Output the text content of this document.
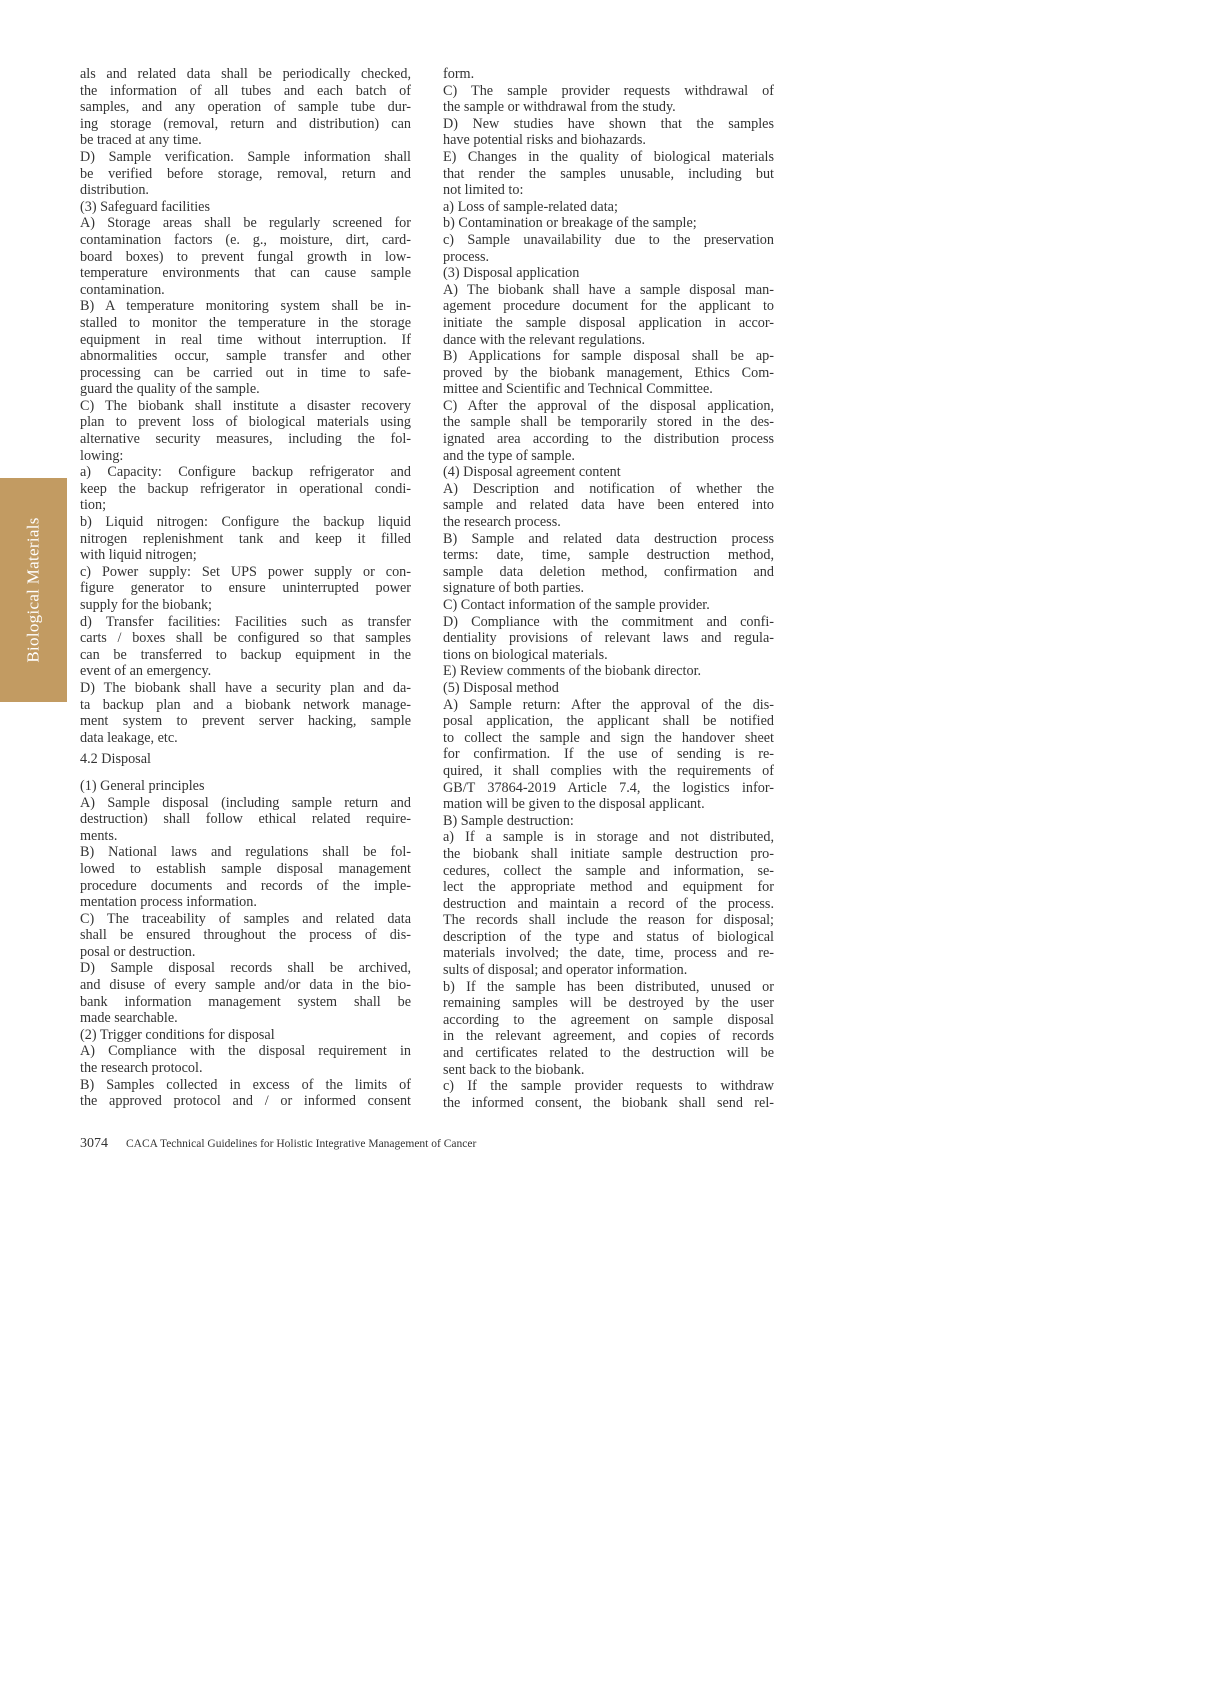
Biological Materials
als and related data shall be periodically checked,
the information of all tubes and each batch of
samples, and any operation of sample tube dur-
ing storage (removal, return and distribution) can
be traced at any time.
D) Sample verification. Sample information shall
be verified before storage, removal, return and
distribution.
(3) Safeguard facilities
A) Storage areas shall be regularly screened for
contamination factors (e. g., moisture, dirt, card-
board boxes) to prevent fungal growth in low-
temperature environments that can cause sample
contamination.
B) A temperature monitoring system shall be in-
stalled to monitor the temperature in the storage
equipment in real time without interruption. If
abnormalities occur, sample transfer and other
processing can be carried out in time to safe-
guard the quality of the sample.
C) The biobank shall institute a disaster recovery
plan to prevent loss of biological materials using
alternative security measures, including the fol-
lowing:
a) Capacity: Configure backup refrigerator and
keep the backup refrigerator in operational condi-
tion;
b) Liquid nitrogen: Configure the backup liquid
nitrogen replenishment tank and keep it filled
with liquid nitrogen;
c) Power supply: Set UPS power supply or con-
figure generator to ensure uninterrupted power
supply for the biobank;
d) Transfer facilities: Facilities such as transfer
carts / boxes shall be configured so that samples
can be transferred to backup equipment in the
event of an emergency.
D) The biobank shall have a security plan and da-
ta backup plan and a biobank network manage-
ment system to prevent server hacking, sample
data leakage, etc.
4.2 Disposal
(1) General principles
A) Sample disposal (including sample return and
destruction) shall follow ethical related require-
ments.
B) National laws and regulations shall be fol-
lowed to establish sample disposal management
procedure documents and records of the imple-
mentation process information.
C) The traceability of samples and related data
shall be ensured throughout the process of dis-
posal or destruction.
D) Sample disposal records shall be archived,
and disuse of every sample and/or data in the bio-
bank information management system shall be
made searchable.
(2) Trigger conditions for disposal
A) Compliance with the disposal requirement in
the research protocol.
B) Samples collected in excess of the limits of
the approved protocol and / or informed consent
form.
C) The sample provider requests withdrawal of
the sample or withdrawal from the study.
D) New studies have shown that the samples
have potential risks and biohazards.
E) Changes in the quality of biological materials
that render the samples unusable, including but
not limited to:
a) Loss of sample-related data;
b) Contamination or breakage of the sample;
c) Sample unavailability due to the preservation
process.
(3) Disposal application
A) The biobank shall have a sample disposal man-
agement procedure document for the applicant to
initiate the sample disposal application in accor-
dance with the relevant regulations.
B) Applications for sample disposal shall be ap-
proved by the biobank management, Ethics Com-
mittee and Scientific and Technical Committee.
C) After the approval of the disposal application,
the sample shall be temporarily stored in the des-
ignated area according to the distribution process
and the type of sample.
(4) Disposal agreement content
A) Description and notification of whether the
sample and related data have been entered into
the research process.
B) Sample and related data destruction process
terms: date, time, sample destruction method,
sample data deletion method, confirmation and
signature of both parties.
C) Contact information of the sample provider.
D) Compliance with the commitment and confi-
dentiality provisions of relevant laws and regula-
tions on biological materials.
E) Review comments of the biobank director.
(5) Disposal method
A) Sample return: After the approval of the dis-
posal application, the applicant shall be notified
to collect the sample and sign the handover sheet
for confirmation. If the use of sending is re-
quired, it shall complies with the requirements of
GB/T 37864-2019 Article 7.4, the logistics infor-
mation will be given to the disposal applicant.
B) Sample destruction:
a) If a sample is in storage and not distributed,
the biobank shall initiate sample destruction pro-
cedures, collect the sample and information, se-
lect the appropriate method and equipment for
destruction and maintain a record of the process.
The records shall include the reason for disposal;
description of the type and status of biological
materials involved; the date, time, process and re-
sults of disposal; and operator information.
b) If the sample has been distributed, unused or
remaining samples will be destroyed by the user
according to the agreement on sample disposal
in the relevant agreement, and copies of records
and certificates related to the destruction will be
sent back to the biobank.
c) If the sample provider requests to withdraw
the informed consent, the biobank shall send rel-
3074 CACA Technical Guidelines for Holistic Integrative Management of Cancer
